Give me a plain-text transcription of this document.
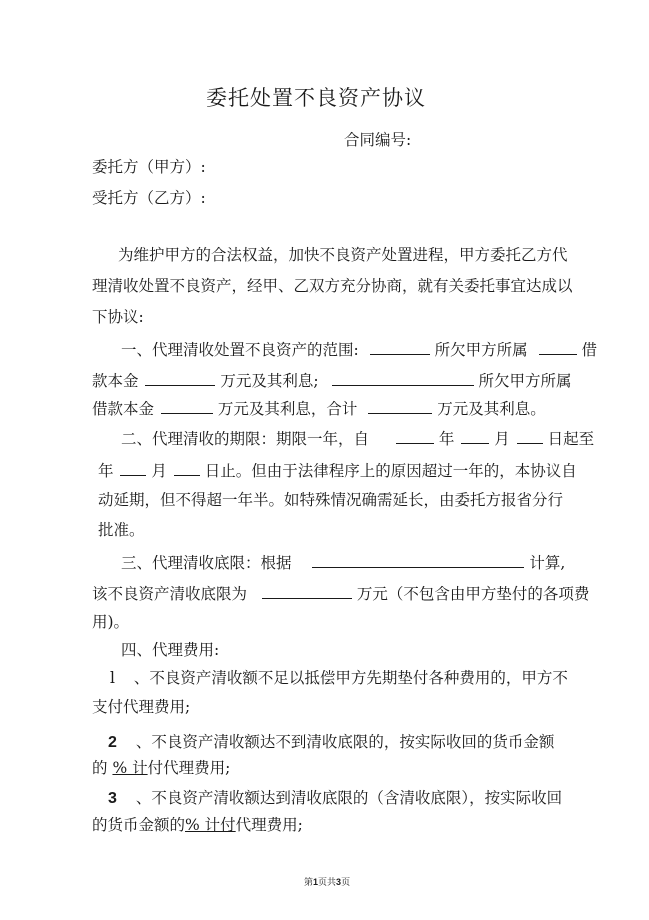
委托处置不良资产协议
合同编号:
委托方（甲方）:
受托方（乙方）:
为维护甲方的合法权益，加快不良资产处置进程，甲方委托乙方代
理清收处置不良资产，经甲、乙双方充分协商，就有关委托事宜达成以
下协议:
一、代理清收处置不良资产的范围:	所欠甲方所属	借
款本金	万元及其利息;	所欠甲方所属
借款本金	万元及其利息，合计	万元及其利息。
二、代理清收的期限：期限一年，自	年	月 日起至
年 月 日止。但由于法律程序上的原因超过一年的，本协议自
动延期，但不得超一年半。如特殊情况确需延长，由委托方报省分行
批准。
三、代理清收底限：根据	计算,
该不良资产清收底限为	万元（不包含由甲方垫付的各项费
用)。
四、代理费用:
l 、不良资产清收额不足以抵偿甲方先期垫付各种费用的，甲方不
支付代理费用;
2 、不良资产清收额达不到清收底限的，按实际收回的货币金额
的 % 计付代理费用;
3 、不良资产清收额达到清收底限的（含清收底限），按实际收回
的货币金额的% 计付代理费用;
第1页共3页
